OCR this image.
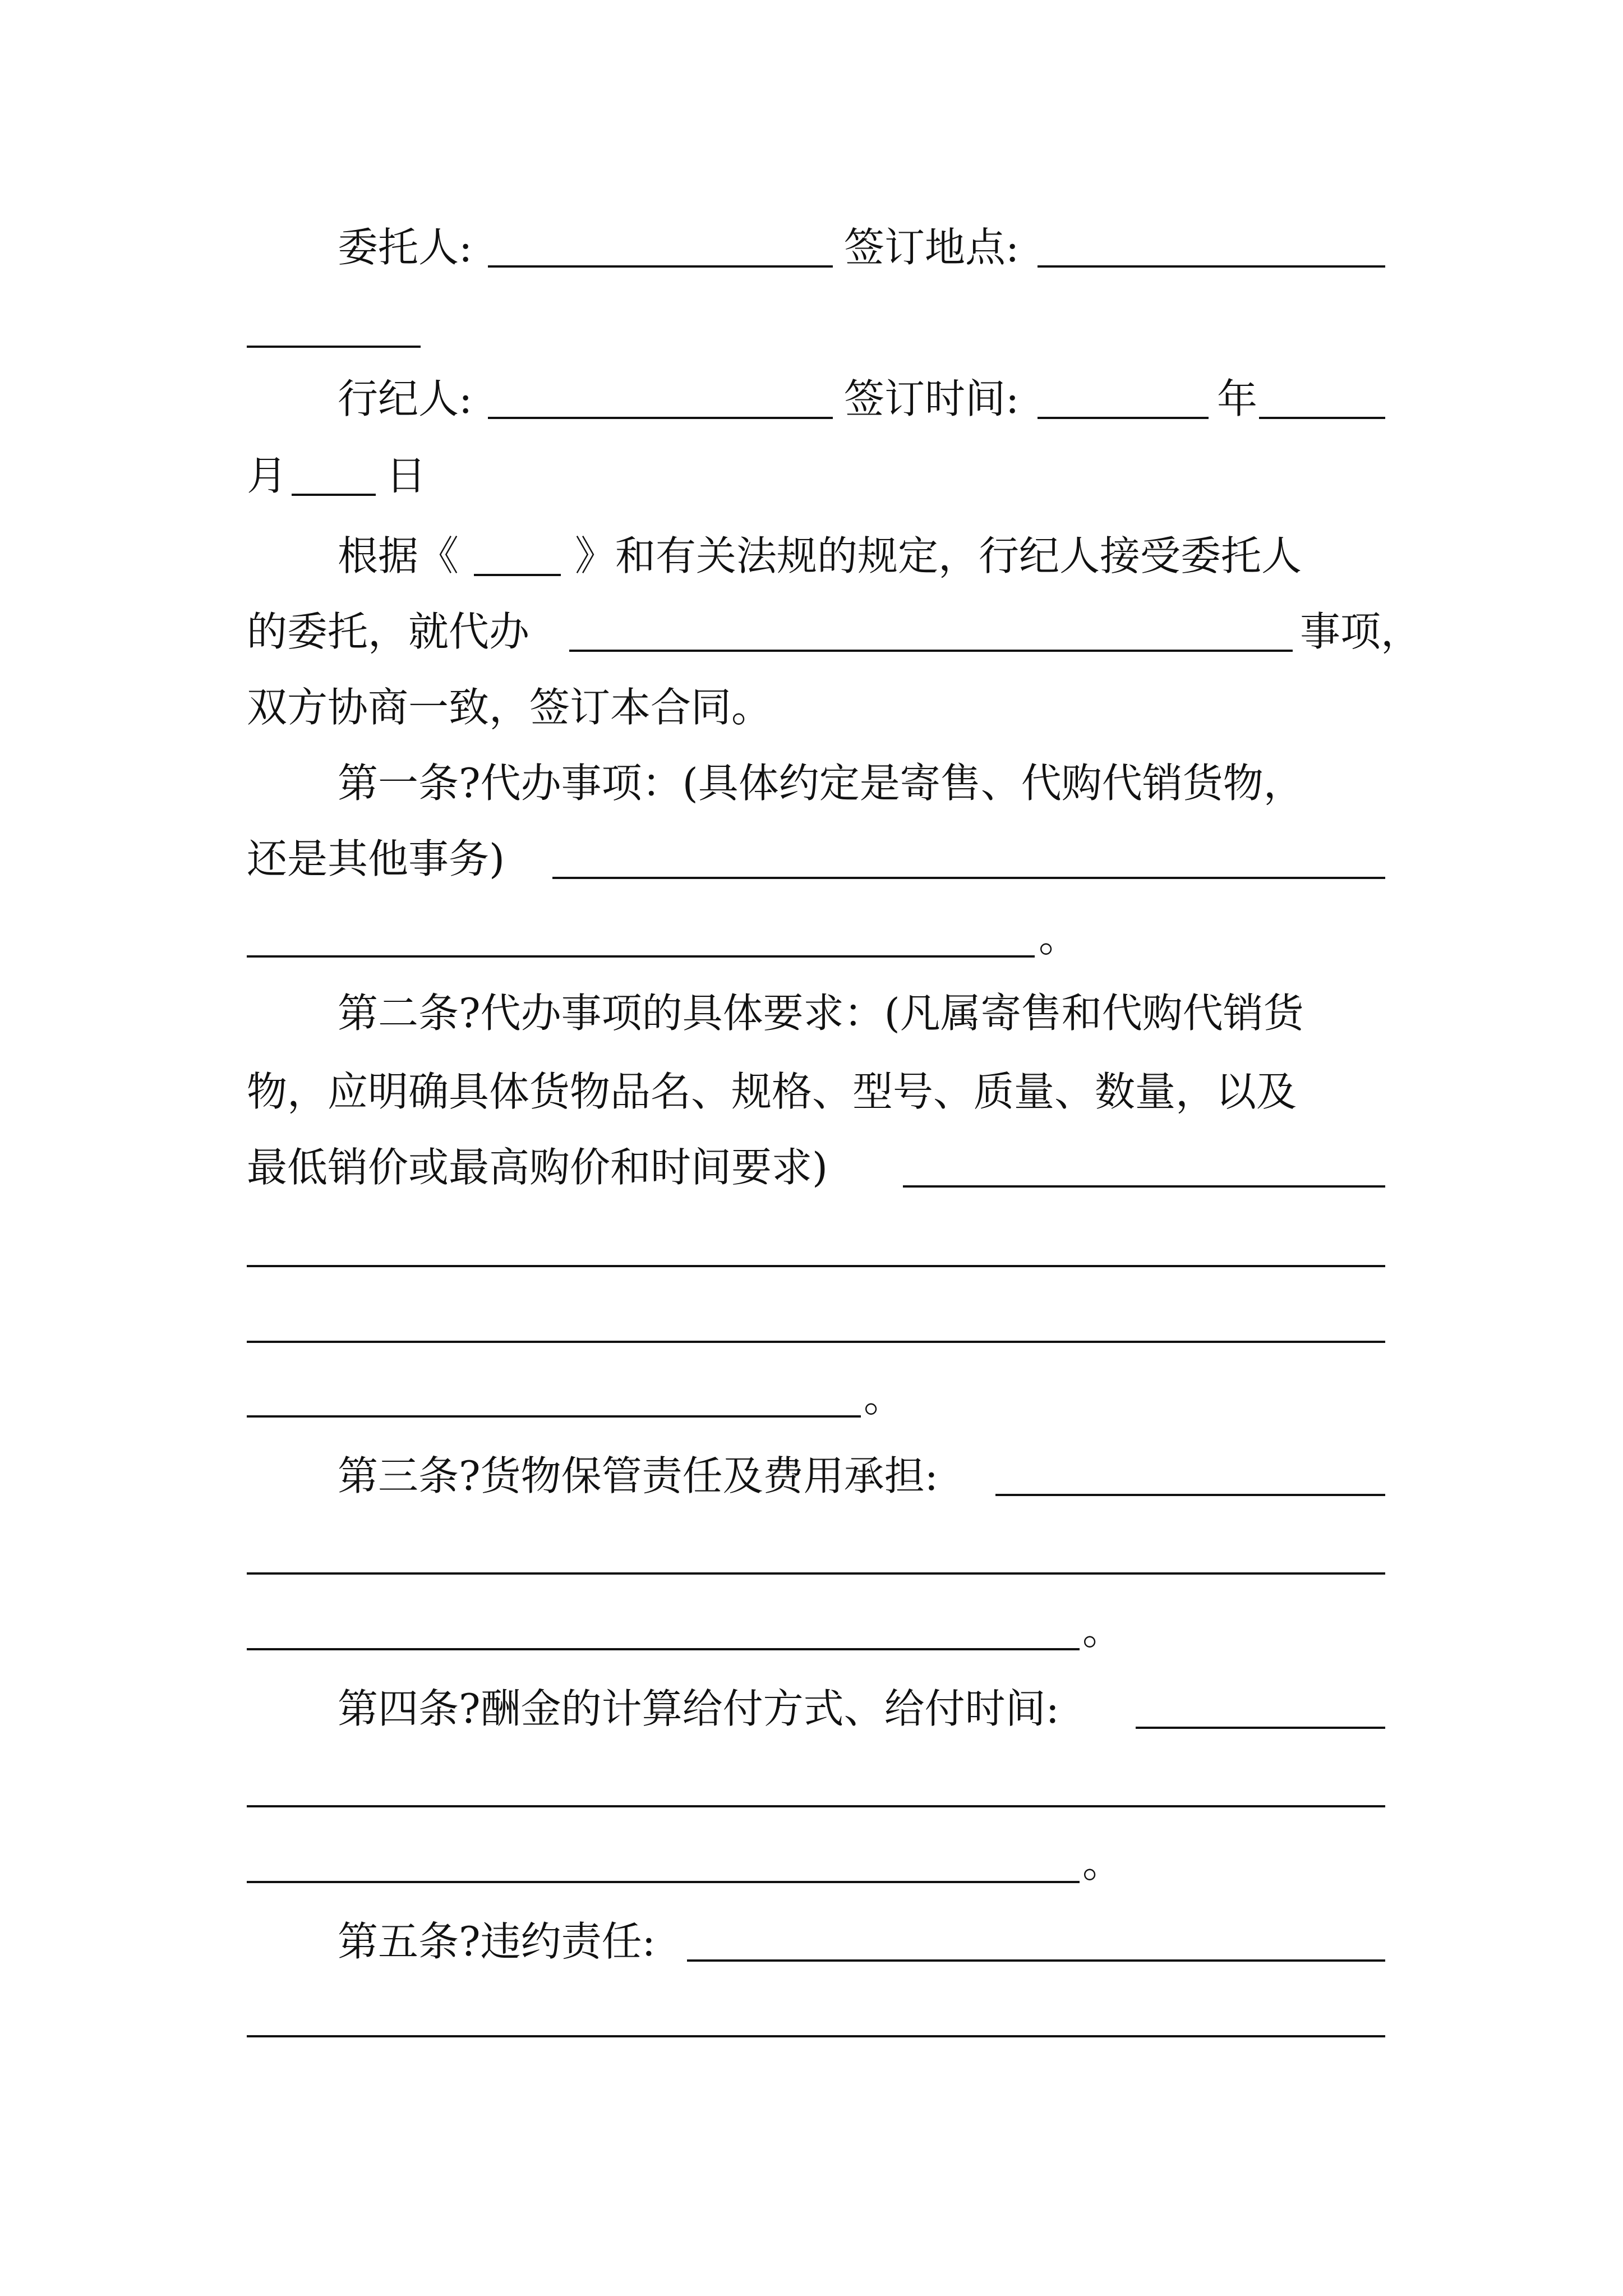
委托人:	签订地点:
行纪人:	签订时间:	年
月 日
根据《	》和有关法规的规定，行纪人接受委托人
的委托，就代办	事项，
双方协商一致，签订本合同。
第一条?代办事项：(具体约定是寄售、代购代销货物，
还是其他事务)
。
第二条?代办事项的具体要求：(凡属寄售和代购代销货
物，应明确具体货物品名、规格、型号、质量、数量，以及
最低销价或最高购价和时间要求)
。
第三条?货物保管责任及费用承担:
。
第四条?酬金的计算给付方式、给付时间:
。
第五条?违约责任:
